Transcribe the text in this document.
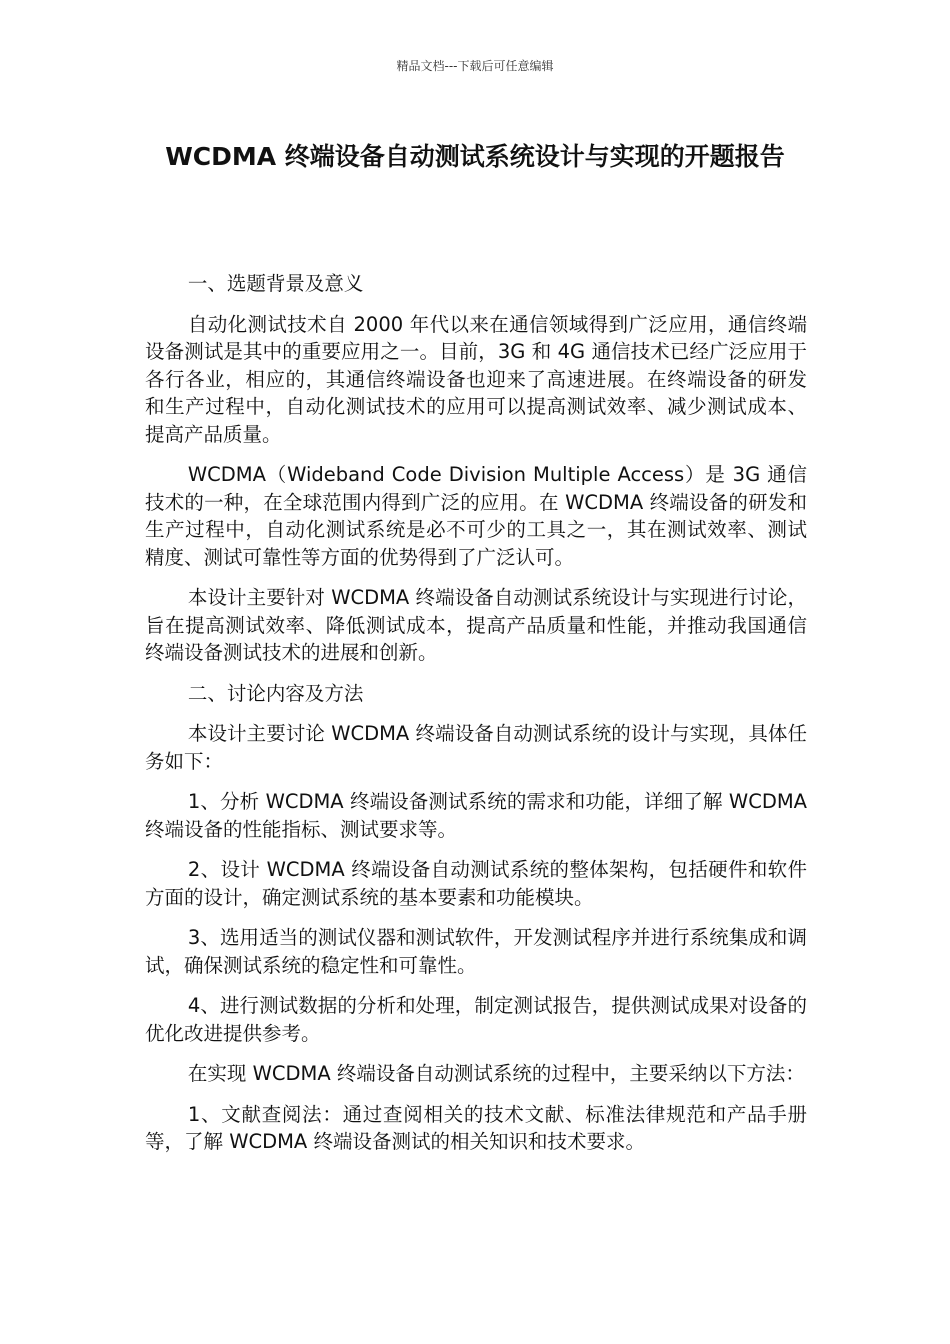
精品文档---下载后可任意编辑
WCDMA 终端设备自动测试系统设计与实现的开题报告

一、选题背景及意义

自动化测试技术自 2000 年代以来在通信领域得到广泛应用，通信终端设备测试是其中的重要应用之一。目前，3G 和 4G 通信技术已经广泛应用于各行各业，相应的，其通信终端设备也迎来了高速进展。在终端设备的研发和生产过程中，自动化测试技术的应用可以提高测试效率、减少测试成本、提高产品质量。

WCDMA（Wideband Code Division Multiple Access）是 3G 通信技术的一种，在全球范围内得到广泛的应用。在 WCDMA 终端设备的研发和生产过程中，自动化测试系统是必不可少的工具之一，其在测试效率、测试精度、测试可靠性等方面的优势得到了广泛认可。

本设计主要针对 WCDMA 终端设备自动测试系统设计与实现进行讨论，旨在提高测试效率、降低测试成本，提高产品质量和性能，并推动我国通信终端设备测试技术的进展和创新。

二、讨论内容及方法

本设计主要讨论 WCDMA 终端设备自动测试系统的设计与实现，具体任务如下：

1、分析 WCDMA 终端设备测试系统的需求和功能，详细了解 WCDMA 终端设备的性能指标、测试要求等。

2、设计 WCDMA 终端设备自动测试系统的整体架构，包括硬件和软件方面的设计，确定测试系统的基本要素和功能模块。

3、选用适当的测试仪器和测试软件，开发测试程序并进行系统集成和调试，确保测试系统的稳定性和可靠性。

4、进行测试数据的分析和处理，制定测试报告，提供测试成果对设备的优化改进提供参考。

在实现 WCDMA 终端设备自动测试系统的过程中，主要采纳以下方法：

1、文献查阅法：通过查阅相关的技术文献、标准法律规范和产品手册等，了解 WCDMA 终端设备测试的相关知识和技术要求。
